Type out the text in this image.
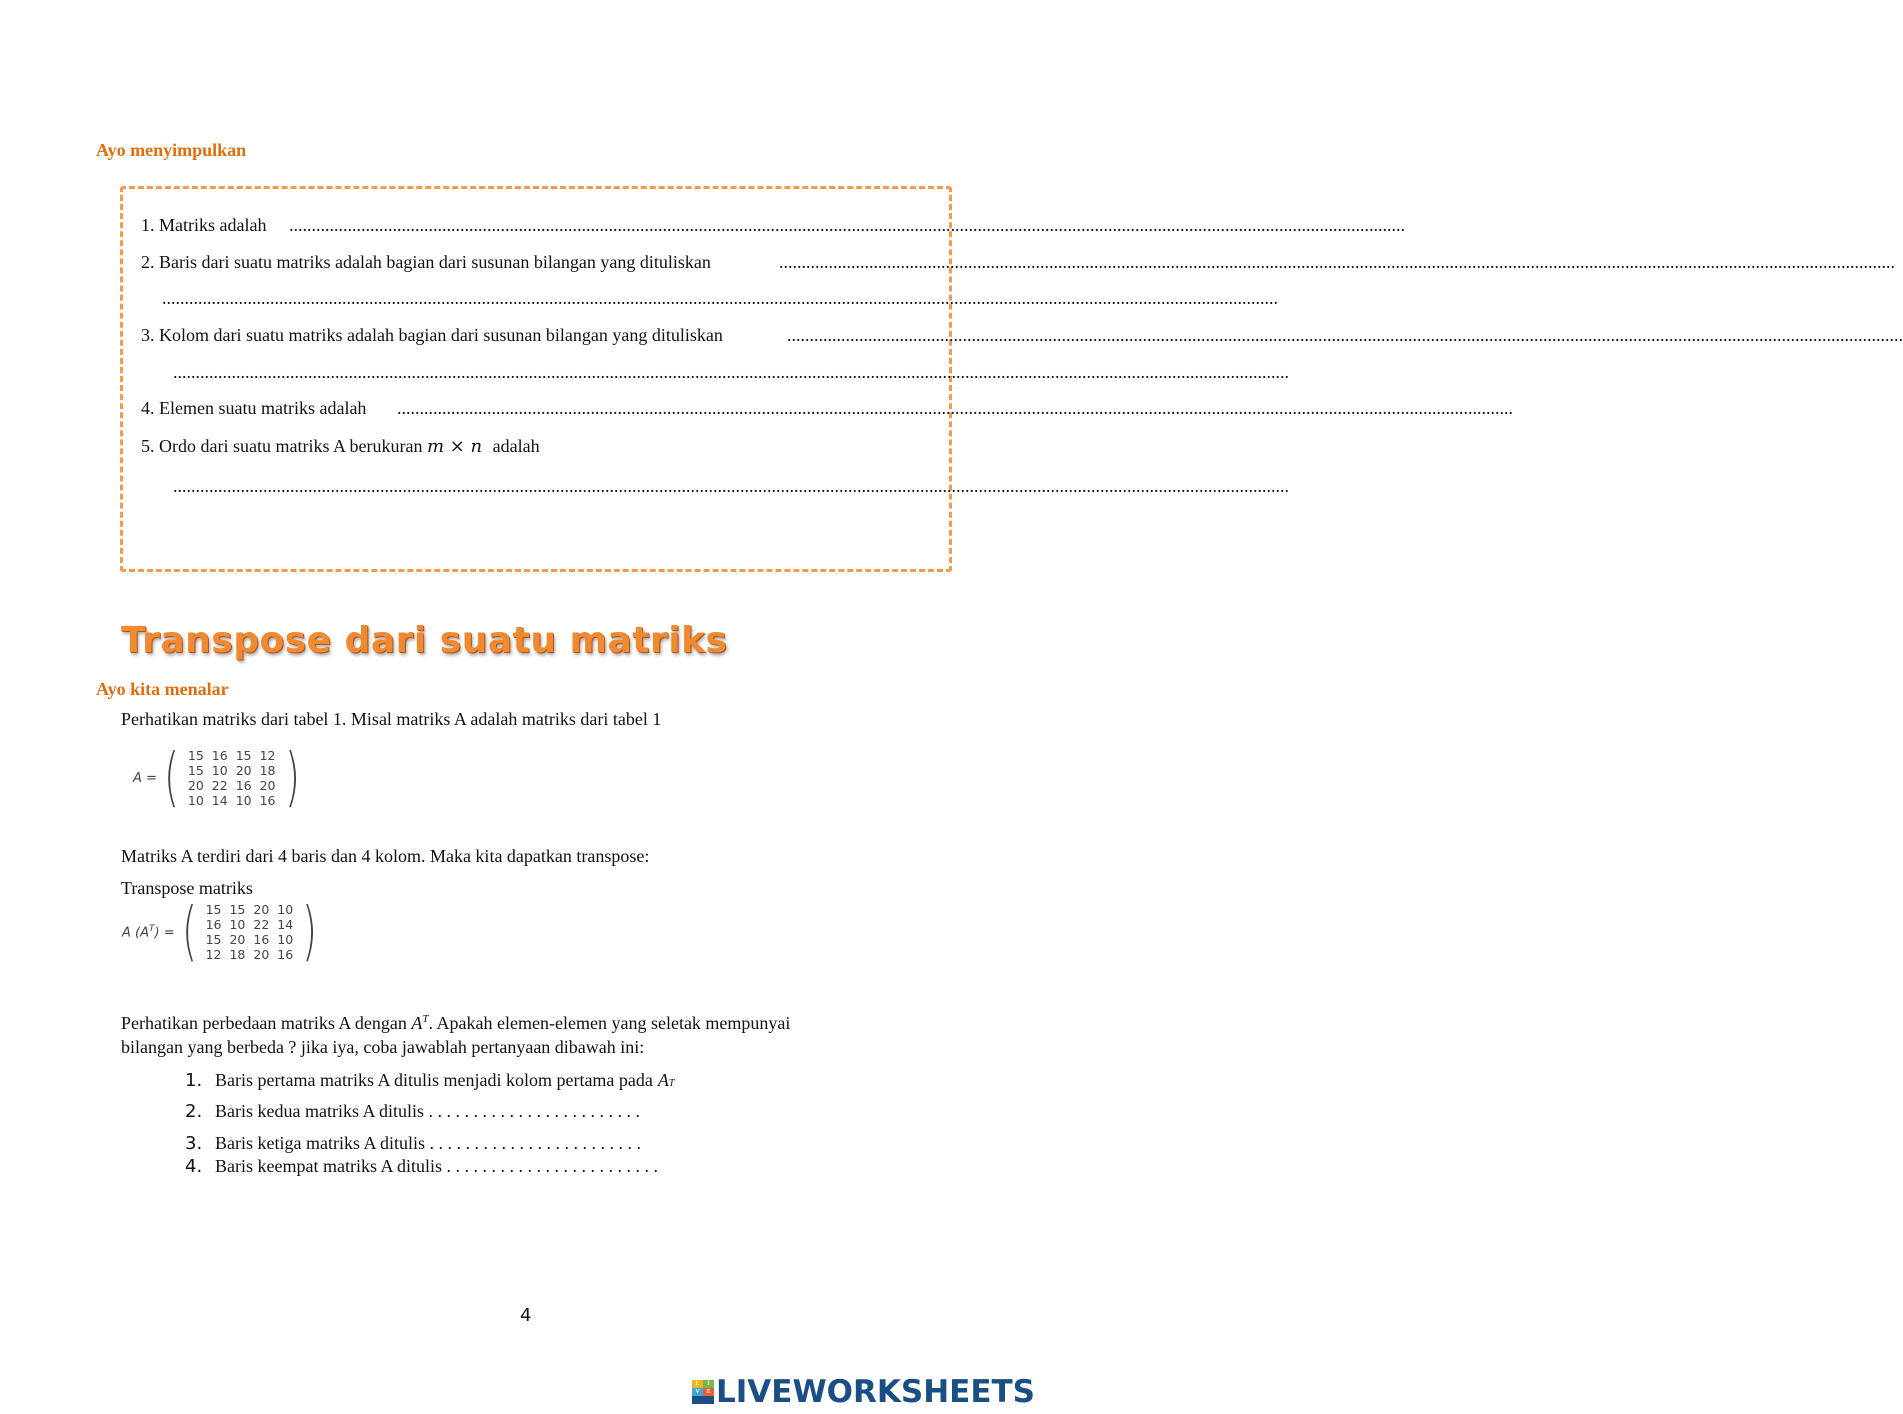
Ayo menyimpulkan
1. Matriks adalah
.....
2. Baris dari suatu matriks adalah bagian dari susunan bilangan yang dituliskan
.....
.....
3. Kolom dari suatu matriks adalah bagian dari susunan bilangan yang dituliskan
.....
.....
4. Elemen suatu matriks adalah
.....
5. Ordo dari suatu matriks A berukuran m × n adalah
.....
Transpose dari suatu matriks
Ayo kita menalar
Perhatikan matriks dari tabel 1. Misal matriks A adalah matriks dari tabel 1
A = ( 15	16	15	12
15	10	20	18
20	22	16	20
10	14	10	16 )
Matriks A terdiri dari 4 baris dan 4 kolom. Maka kita dapatkan transpose:
Transpose matriks
A $(A^T)$ = ( 15	15	20	10
16	10	22	14
15	20	16	10
12	18	20	16 )
Perhatikan perbedaan matriks A dengan $A^T$. Apakah elemen-elemen yang seletak mempunyai
bilangan yang berbeda ? jika iya, coba jawablah pertanyaan dibawah ini:
1. Baris pertama matriks A ditulis menjadi kolom pertama pada A T
2. Baris kedua matriks A ditulis . . . . . . . . . . . . . . . . . . . . . . . .
3. Baris ketiga matriks A ditulis . . . . . . . . . . . . . . . . . . . . . . . .
4. Baris keempat matriks A ditulis . . . . . . . . . . . . . . . . . . . . . . . .
4
L	I
V	E LIVEWORKSHEETS
